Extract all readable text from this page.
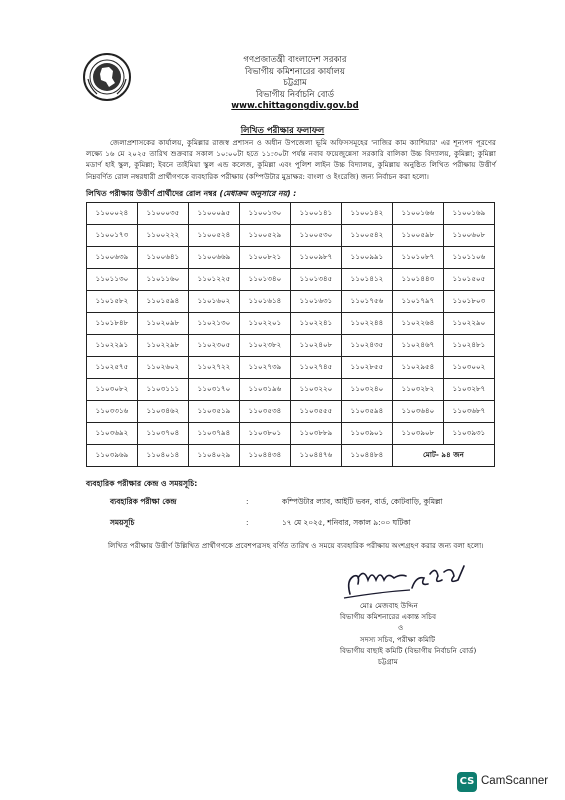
গণপ্রজাতন্ত্রী বাংলাদেশ সরকার
বিভাগীয় কমিশনারের কার্যালয়
চট্টগ্রাম
বিভাগীয় নির্বাচনি বোর্ড
www.chittagongdiv.gov.bd
লিখিত পরীক্ষার ফলাফল
জেলাপ্রশাসকের কার্যালয়, কুমিল্লার রাজস্ব প্রশাসন ও অধীন উপজেলা ভূমি অফিসসমূহের 'নাজির কাম ক্যাশিয়ার' এর শূন্যপদ পূরণের লক্ষ্যে ১৬ মে ২০২৫ তারিখ শুক্রবার সকাল ১০:০০টা হতে ১১:৩০টা পর্যন্ত নবাব ফয়েজুন্নেসা সরকারি বালিকা উচ্চ বিদ্যালয়, কুমিল্লা; কুমিল্লা মডার্ণ হাই স্কুল, কুমিল্লা; ইবনে তাইমিয়া স্কুল এন্ড কলেজ, কুমিল্লা এবং পুলিশ লাইন উচ্চ বিদ্যালয়, কুমিল্লায় অনুষ্ঠিত লিখিত পরীক্ষায় উত্তীর্ণ নিম্নবর্ণিত রোল নম্বরধারী প্রার্থীগণকে ব্যবহারিক পরীক্ষায় (কম্পিউটার মুদ্রাক্ষর: বাংলা ও ইংরেজি) জন্য নির্বাচন করা হলো।
লিখিত পরীক্ষায় উত্তীর্ণ প্রার্থীদের রোল নম্বর (মেধাক্রম অনুসারে নয়) :
১১০০০২৪	১১০০০৩৫	১১০০০৯৫	১১০০১৩০	১১০০১৪১	১১০০১৪২	১১০০১৬৬	১১০০১৬৯
১১০০১৭৩	১১০০২২২	১১০০৫২৪	১১০০৫২৯	১১০০৫৩০	১১০০৫৪২	১১০০৫৯৮	১১০০৬০৮
১১০০৬৩৯	১১০০৬৪১	১১০০৬৬৯	১১০০৮২১	১১০০৯৮৭	১১০০৯৯১	১১০১০৮৭	১১০১১০৬
১১০১১৩০	১১০১১৬০	১১০১২২৫	১১০১৩৪০	১১০১৩৪৫	১১০১৪১২	১১০১৪৪৩	১১০১৫০৫
১১০১৫৮২	১১০১৫৯৪	১১০১৬০২	১১০১৬১৪	১১০১৬৩১	১১০১৭৫৬	১১০১৭৯৭	১১০১৮০৩
১১০১৮৪৮	১১০২০৯৮	১১০২১৩০	১১০২২০১	১১০২২৪১	১১০২২৪৪	১১০২২৬৪	১১০২২৯০
১১০২২৯১	১১০২২৯৮	১১০২৩০৫	১১০২৩৮২	১১০২৪০৮	১১০২৪৩৫	১১০২৪৬৭	১১০২৪৮১
১১০২৫৭৫	১১০২৬০২	১১০২৭২২	১১০২৭৩৯	১১০২৭৪৫	১১০২৮৫৫	১১০২৯৫৪	১১০৩০০২
১১০৩০৮২	১১০৩১১১	১১০৩১৭০	১১০৩১৯৬	১১০৩২২০	১১০৩২৪০	১১০৩২৮২	১১০৩২৮৭
১১০৩৩১৬	১১০৩৪৬২	১১০৩৫১৯	১১০৩৫৩৪	১১০৩৫৫৫	১১০৩৫৯৪	১১০৩৬৪০	১১০৩৬৮৭
১১০৩৬৯২	১১০৩৭০৪	১১০৩৭৯৪	১১০৩৮০১	১১০৩৮৮৯	১১০৩৯০১	১১০৩৯০৮	১১০৩৯৩১
১১০৩৯৬৯	১১০৪০১৪	১১০৪০২৯	১১০৪৪৩৪	১১০৪৪৭৬	১১০৪৪৮৪	মোট- ৯৪ জন	
ব্যবহারিক পরীক্ষার কেন্দ্র ও সময়সূচি:
ব্যবহারিক পরীক্ষা কেন্দ্র	:	কম্পিউটার ল্যাব, আইটি ভবন, বার্ড, কোটবাড়ি, কুমিল্লা
সময়সূচি	:	১৭ মে ২০২৫, শনিবার, সকাল ৯:০০ ঘটিকা
লিখিত পরীক্ষায় উত্তীর্ণ উল্লিখিত প্রার্থীগণকে প্রবেশপত্রসহ বর্ণিত তারিখ ও সময়ে ব্যবহারিক পরীক্ষায় অংশগ্রহণ করার জন্য বলা হলো।
মোঃ মেজবাহ উদ্দিন
বিভাগীয় কমিশনারের একান্ত সচিব
ও
সদস্য সচিব, পরীক্ষা কমিটি
বিভাগীয় বাছাই কমিটি (বিভাগীয় নির্বাচনি বোর্ড)
চট্টগ্রাম
CS CamScanner
